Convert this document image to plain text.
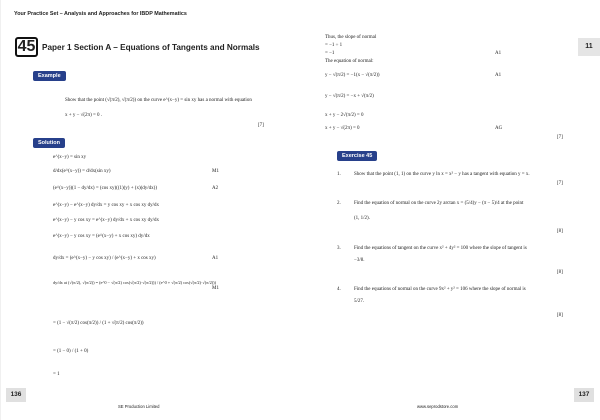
Your Practice Set – Analysis and Approaches for IBDP Mathematics
45 Paper 1 Section A – Equations of Tangents and Normals
Example
Show that the point (√(π/2), √(π/2)) on the curve e^(x−y) = sin xy has a normal with equation
x + y − √(2π) = 0 .
[7]
Solution
e^(x−y) = sin xy
d/dx(e^(x−y)) = d/dx(sin xy)	M1
(e^(x−y))(1 − dy/dx) = (cos xy)((1)(y) + (x)(dy/dx))	A2
e^(x−y) − e^(x−y) dy/dx = y cos xy + x cos xy dy/dx
e^(x−y) − y cos xy = e^(x−y) dy/dx + x cos xy dy/dx
e^(x−y) − y cos xy = (e^(x−y) + x cos xy) dy/dx
dy/dx = (e^(x−y) − y cos xy) / (e^(x−y) + x cos xy)	A1
dy/dx at (√(π/2), √(π/2)) = (e^0 − √(π/2) cos(√(π/2)·√(π/2))) / (e^0 + √(π/2) cos(√(π/2)·√(π/2)))
M1
= (1 − √(π/2) cos(π/2)) / (1 + √(π/2) cos(π/2))
= (1 − 0) / (1 + 0)
= 1
136
SE Production Limited
11
Thus, the slope of normal
= −1 ÷ 1
= −1	A1
The equation of normal:
y − √(π/2) = −1(x − √(π/2))	A1
y − √(π/2) = −x + √(π/2)
x + y − 2√(π/2) = 0
x + y − √(2π) = 0	AG
[7]
Exercise 45
1.	Show that the point (1, 1) on the curve y ln x = x² − y has a tangent with equation y = x.
[7]
2.	Find the equation of normal on the curve 2y arctan x = (5/4)y − (π − 5)/4 at the point
(1, 1/2).
[8]
3.	Find the equations of tangent on the curve x² + 4y² = 100 where the slope of tangent is
−3/8.
[8]
4.	Find the equations of normal on the curve 9x² + y² = 106 where the slope of normal is
5/27.
[8]
137
www.seprodstore.com
